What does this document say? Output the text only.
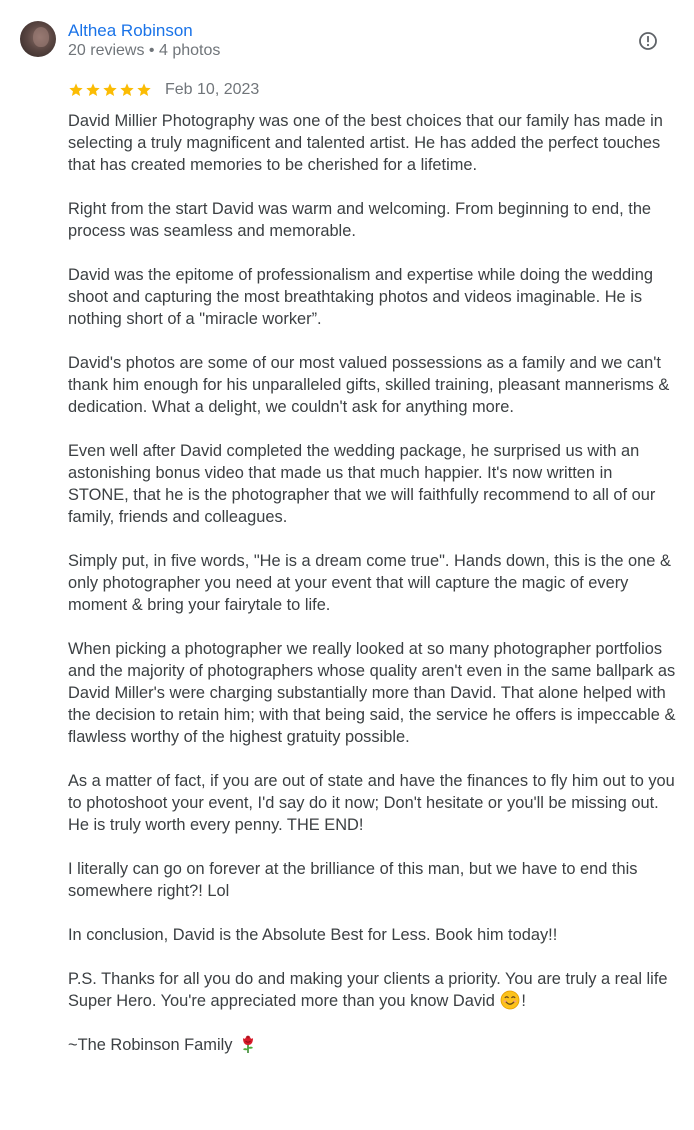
Althea Robinson
20 reviews • 4 photos
Feb 10, 2023

David Millier Photography was one of the best choices that our family has made in selecting a truly magnificent and talented artist. He has added the perfect touches that has created memories to be cherished for a lifetime.

Right from the start David was warm and welcoming. From beginning to end, the process was seamless and memorable.

David was the epitome of professionalism and expertise while doing the wedding shoot and capturing the most breathtaking photos and videos imaginable. He is nothing short of a "miracle worker”.

David's photos are some of our most valued possessions as a family and we can't thank him enough for his unparalleled gifts, skilled training, pleasant mannerisms & dedication. What a delight, we couldn't ask for anything more.

Even well after David completed the wedding package, he surprised us with an astonishing bonus video that made us that much happier. It's now written in STONE, that he is the photographer that we will faithfully recommend to all of our family, friends and colleagues.

Simply put, in five words, "He is a dream come true". Hands down, this is the one & only photographer you need at your event that will capture the magic of every moment & bring your fairytale to life.

When picking a photographer we really looked at so many photographer portfolios and the majority of photographers whose quality aren't even in the same ballpark as David Miller's were charging substantially more than David. That alone helped with the decision to retain him; with that being said, the service he offers is impeccable & flawless worthy of the highest gratuity possible.

As a matter of fact, if you are out of state and have the finances to fly him out to you to photoshoot your event, I'd say do it now; Don't hesitate or you'll be missing out. He is truly worth every penny. THE END!

I literally can go on forever at the brilliance of this man, but we have to end this somewhere right?! Lol

In conclusion, David is the Absolute Best for Less. Book him today!!

P.S. Thanks for all you do and making your clients a priority. You are truly a real life Super Hero. You're appreciated more than you know David !

~The Robinson Family
